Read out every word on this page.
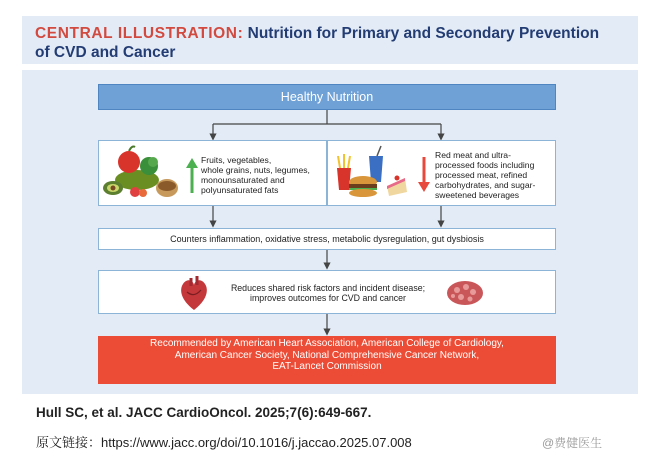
CENTRAL ILLUSTRATION: Nutrition for Primary and Secondary Prevention
of CVD and Cancer

Healthy Nutrition
Fruits, vegetables,
whole grains, nuts, legumes,
monounsaturated and
polyunsaturated fats
Red meat and ultra-
processed foods including
processed meat, refined
carbohydrates, and sugar-
sweetened beverages
Counters inflammation, oxidative stress, metabolic dysregulation, gut dysbiosis
Reduces shared risk factors and incident disease;
improves outcomes for CVD and cancer
Recommended by American Heart Association, American College of Cardiology,
American Cancer Society, National Comprehensive Cancer Network,
EAT-Lancet Commission
Hull SC, et al. JACC CardioOncol. 2025;7(6):649-667.
原文链接：https://www.jacc.org/doi/10.1016/j.jaccao.2025.07.008	@费健医生
